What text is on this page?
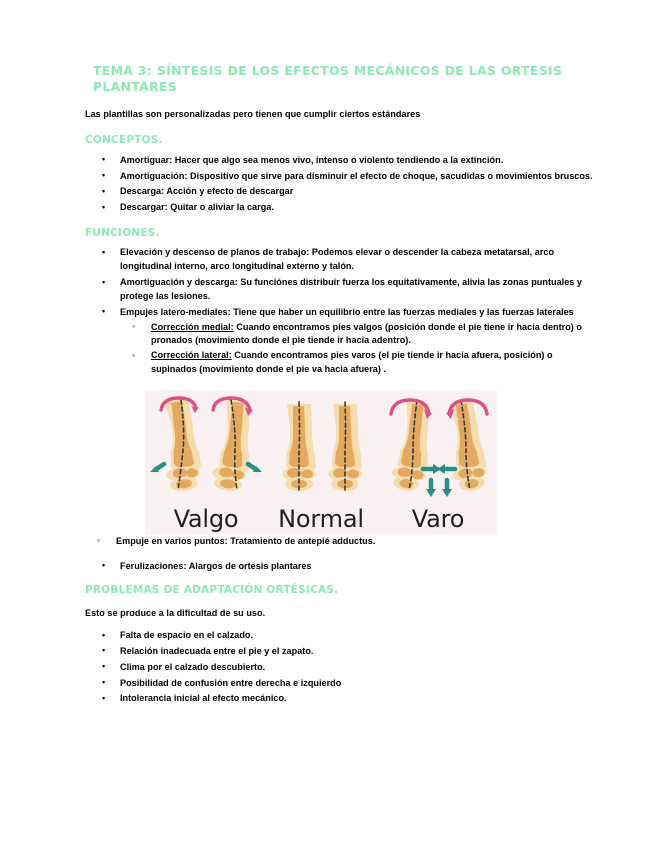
TEMA 3: SÍNTESIS DE LOS EFECTOS MECÁNICOS DE LAS ORTESIS PLANTARES

Las plantillas son personalizadas pero tienen que cumplir ciertos estándares

CONCEPTOS.
• Amortiguar: Hacer que algo sea menos vivo, intenso o violento tendiendo a la extinción.
• Amortiguación: Dispositivo que sirve para disminuir el efecto de choque, sacudidas o movimientos bruscos.
• Descarga: Acción y efecto de descargar
• Descargar: Quitar o aliviar la carga.
FUNCIONES.
• Elevación y descenso de planos de trabajo: Podemos elevar o descender la cabeza metatarsal, arco longitudinal interno, arco longitudinal externo y talón.
• Amortiguación y descarga: Su funciónes distribuir fuerza los equitativamente, alivia las zonas puntuales y protege las lesiones.
• Empujes latero-mediales: Tiene que haber un equilibrio entre las fuerzas mediales y las fuerzas laterales
◦ Corrección medial: Cuando encontramos pies valgos (posición donde el pie tiene ir hacia dentro) o pronados (movimiento donde el pie tiende ir hacia adentro).
◦ Corrección lateral: Cuando encontramos pies varos (el pie tiende ir hacia afuera, posición) o supinados (movimiento donde el pie va hacia afuera) .
Valgo	Normal	Varo
◦ Empuje en varios puntos: Tratamiento de antepié adductus.
• Ferulizaciones: Alargos de ortesis plantares
PROBLEMAS DE ADAPTACIÓN ORTÉSICAS.

Esto se produce a la dificultad de su uso.

• Falta de espacio en el calzado.
• Relación inadecuada entre el pie y el zapato.
• Clima por el calzado descubierto.
• Posibilidad de confusión entre derecha e izquierdo
• Intolerancia inicial al efecto mecánico.
